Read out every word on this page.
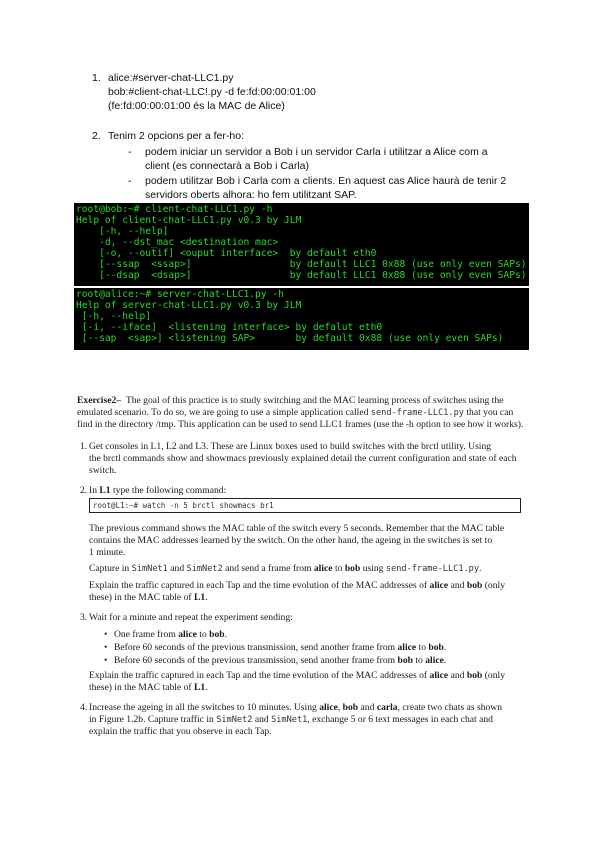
1. alice:#server-chat-LLC1.py
bob:#client-chat-LLC!.py -d fe:fd:00:00:01:00
(fe:fd:00:00:01:00 és la MAC de Alice)
2. Tenim 2 opcions per a fer-ho:
- podem iniciar un servidor a Bob i un servidor Carla i utilitzar a Alice com a
client (es connectarà a Bob i Carla)
- podem utilitzar Bob i Carla com a clients. En aquest cas Alice haurà de tenir 2
servidors oberts alhora: ho fem utilitzant SAP.
root@bob:~# client-chat-LLC1.py -h
Help of client-chat-LLC1.py v0.3 by JLM
[-h, --help]
-d, --dst_mac <destination mac>
[-o, --outif] <ouput interface>  by default eth0
[--ssap  <ssap>]                 by default LLC1 0x88 (use only even SAPs)
[--dsap  <dsap>]                 by default LLC1 0x88 (use only even SAPs)
root@alice:~# server-chat-LLC1.py -h
Help of server-chat-LLC1.py v0.3 by JLM
[-h, --help]
[-i, --iface]  <listening interface> by defalut eth0
[--sap  <sap>] <listening SAP>       by default 0x88 (use only even SAPs)
Exercise2– The goal of this practice is to study switching and the MAC learning process of switches using the
emulated scenario. To do so, we are going to use a simple application called send-frame-LLC1.py that you can
find in the directory /tmp. This application can be used to send LLC1 frames (use the -h option to see how it works).
1. Get consoles in L1, L2 and L3. These are Linux boxes used to build switches with the brctl utility. Using
the brctl commands show and showmacs previously explained detail the current configuration and state of each
switch.
2. In L1 type the following command:
root@L1:~# watch -n 5 brctl showmacs br1
The previous command shows the MAC table of the switch every 5 seconds. Remember that the MAC table
contains the MAC addresses learned by the switch. On the other hand, the ageing in the switches is set to
1 minute.
Capture in SimNet1 and SimNet2 and send a frame from alice to bob using send-frame-LLC1.py.
Explain the traffic captured in each Tap and the time evolution of the MAC addresses of alice and bob (only
these) in the MAC table of L1.
3. Wait for a minute and repeat the experiment sending:
• One frame from alice to bob.
• Before 60 seconds of the previous transmission, send another frame from alice to bob.
• Before 60 seconds of the previous transmission, send another frame from bob to alice.
Explain the traffic captured in each Tap and the time evolution of the MAC addresses of alice and bob (only
these) in the MAC table of L1.
4. Increase the ageing in all the switches to 10 minutes. Using alice, bob and carla, create two chats as shown
in Figure 1.2b. Capture traffic in SimNet2 and SimNet1, exchange 5 or 6 text messages in each chat and
explain the traffic that you observe in each Tap.
